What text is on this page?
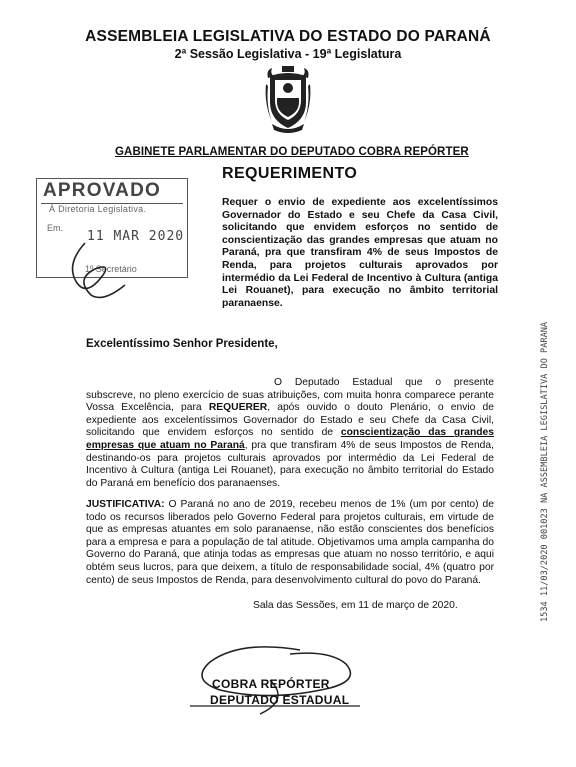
ASSEMBLEIA LEGISLATIVA DO ESTADO DO PARANÁ
2ª Sessão Legislativa - 19ª Legislatura
GABINETE PARLAMENTAR DO DEPUTADO COBRA REPÓRTER
REQUERIMENTO
APROVADO
À Diretoria Legislativa.
Em.
11 MAR 2020
1º Secretário
Requer o envio de expediente aos excelentíssimos Governador do Estado e seu Chefe da Casa Civil, solicitando que envidem esforços no sentido de conscientização das grandes empresas que atuam no Paraná, pra que transfiram 4% de seus Impostos de Renda, para projetos culturais aprovados por intermédio da Lei Federal de Incentivo à Cultura (antiga Lei Rouanet), para execução no âmbito territorial paranaense.
Excelentíssimo Senhor Presidente,
O Deputado Estadual que o presente subscreve, no pleno exercício de suas atribuições, com muita honra comparece perante Vossa Excelência, para REQUERER, após ouvido o douto Plenário, o envio de expediente aos excelentíssimos Governador do Estado e seu Chefe da Casa Civil, solicitando que envidem esforços no sentido de conscientização das grandes empresas que atuam no Paraná, pra que transfiram 4% de seus Impostos de Renda, destinando-os para projetos culturais aprovados por intermédio da Lei Federal de Incentivo à Cultura (antiga Lei Rouanet), para execução no âmbito territorial do Estado do Paraná em benefício dos paranaenses.
JUSTIFICATIVA: O Paraná no ano de 2019, recebeu menos de 1% (um por cento) de todo os recursos liberados pelo Governo Federal para projetos culturais, em virtude de que as empresas atuantes em solo paranaense, não estão conscientes dos benefícios para a empresa e para a população de tal atitude. Objetivamos uma ampla campanha do Governo do Paraná, que atinja todas as empresas que atuam no nosso território, e aqui obtém seus lucros, para que deixem, a título de responsabilidade social, 4% (quatro por cento) de seus Impostos de Renda, para desenvolvimento cultural do povo do Paraná.
Sala das Sessões, em 11 de março de 2020.
COBRA REPÓRTER
DEPUTADO ESTADUAL
1534 11/03/2020 001023 NA ASSEMBLEIA LEGISLATIVA DO PARANA
